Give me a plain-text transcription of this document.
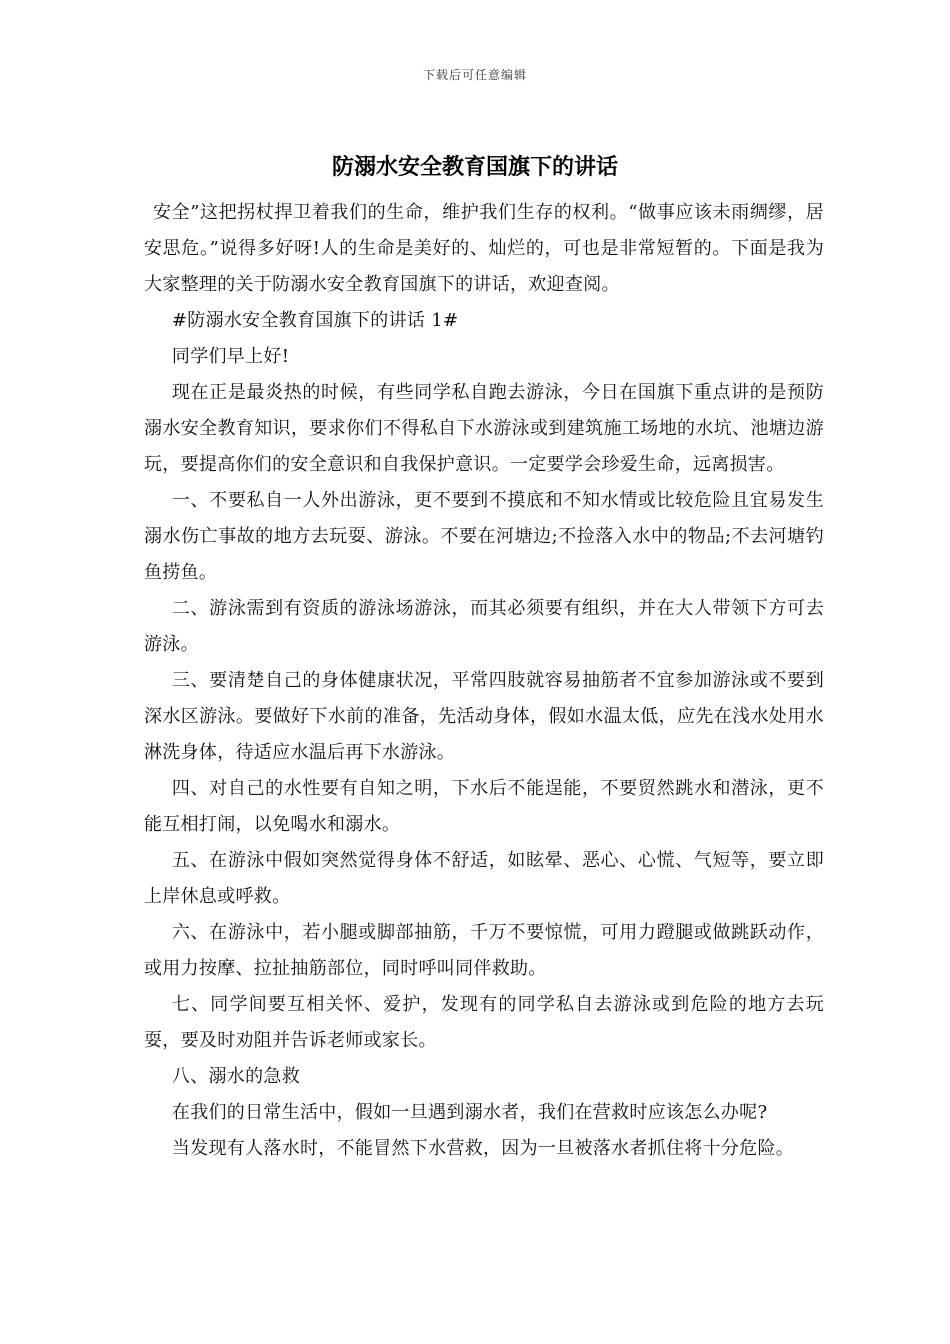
下载后可任意编辑
防溺水安全教育国旗下的讲话

安全”这把拐杖捍卫着我们的生命，维护我们生存的权利。“做事应该未雨绸缪，居安思危。”说得多好呀!人的生命是美好的、灿烂的，可也是非常短暂的。下面是我为大家整理的关于防溺水安全教育国旗下的讲话，欢迎查阅。

#防溺水安全教育国旗下的讲话 1#

同学们早上好!

现在正是最炎热的时候，有些同学私自跑去游泳，今日在国旗下重点讲的是预防溺水安全教育知识，要求你们不得私自下水游泳或到建筑施工场地的水坑、池塘边游玩，要提高你们的安全意识和自我保护意识。一定要学会珍爱生命，远离损害。

一、不要私自一人外出游泳，更不要到不摸底和不知水情或比较危险且宜易发生溺水伤亡事故的地方去玩耍、游泳。不要在河塘边;不捡落入水中的物品;不去河塘钓鱼捞鱼。

二、游泳需到有资质的游泳场游泳，而其必须要有组织，并在大人带领下方可去游泳。

三、要清楚自己的身体健康状况，平常四肢就容易抽筋者不宜参加游泳或不要到深水区游泳。要做好下水前的准备，先活动身体，假如水温太低，应先在浅水处用水淋洗身体，待适应水温后再下水游泳。

四、对自己的水性要有自知之明，下水后不能逞能，不要贸然跳水和潜泳，更不能互相打闹，以免喝水和溺水。

五、在游泳中假如突然觉得身体不舒适，如眩晕、恶心、心慌、气短等，要立即上岸休息或呼救。

六、在游泳中，若小腿或脚部抽筋，千万不要惊慌，可用力蹬腿或做跳跃动作，或用力按摩、拉扯抽筋部位，同时呼叫同伴救助。

七、同学间要互相关怀、爱护，发现有的同学私自去游泳或到危险的地方去玩耍，要及时劝阻并告诉老师或家长。

八、溺水的急救

在我们的日常生活中，假如一旦遇到溺水者，我们在营救时应该怎么办呢?

当发现有人落水时，不能冒然下水营救，因为一旦被落水者抓住将十分危险。
